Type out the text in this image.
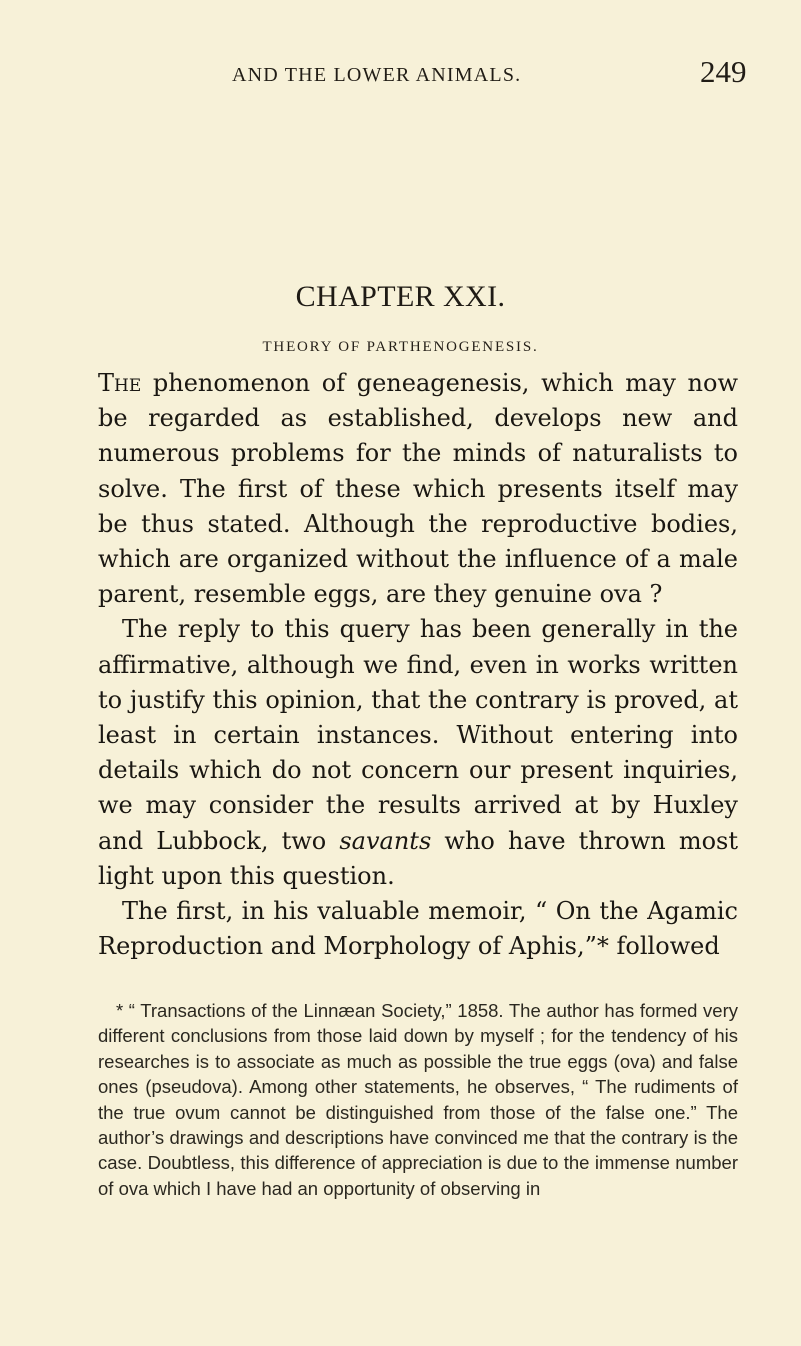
AND THE LOWER ANIMALS.	249
CHAPTER XXI.
THEORY OF PARTHENOGENESIS.

The phenomenon of geneagenesis, which may now be regarded as established, develops new and numerous problems for the minds of naturalists to solve. The first of these which presents itself may be thus stated. Although the reproductive bodies, which are organized without the influence of a male parent, resemble eggs, are they genuine ova ?

The reply to this query has been generally in the affirmative, although we find, even in works written to justify this opinion, that the contrary is proved, at least in certain instances. Without entering into details which do not concern our present inquiries, we may consider the results arrived at by Huxley and Lubbock, two savants who have thrown most light upon this question.

The first, in his valuable memoir, “ On the Agamic Reproduction and Morphology of Aphis,”* followed

* “ Transactions of the Linnæan Society,” 1858. The author has formed very different conclusions from those laid down by myself ; for the tendency of his researches is to associate as much as possible the true eggs (ova) and false ones (pseudova). Among other statements, he observes, “ The rudiments of the true ovum cannot be distinguished from those of the false one.” The author’s drawings and descriptions have convinced me that the contrary is the case. Doubtless, this difference of appreciation is due to the immense number of ova which I have had an opportunity of observing in
